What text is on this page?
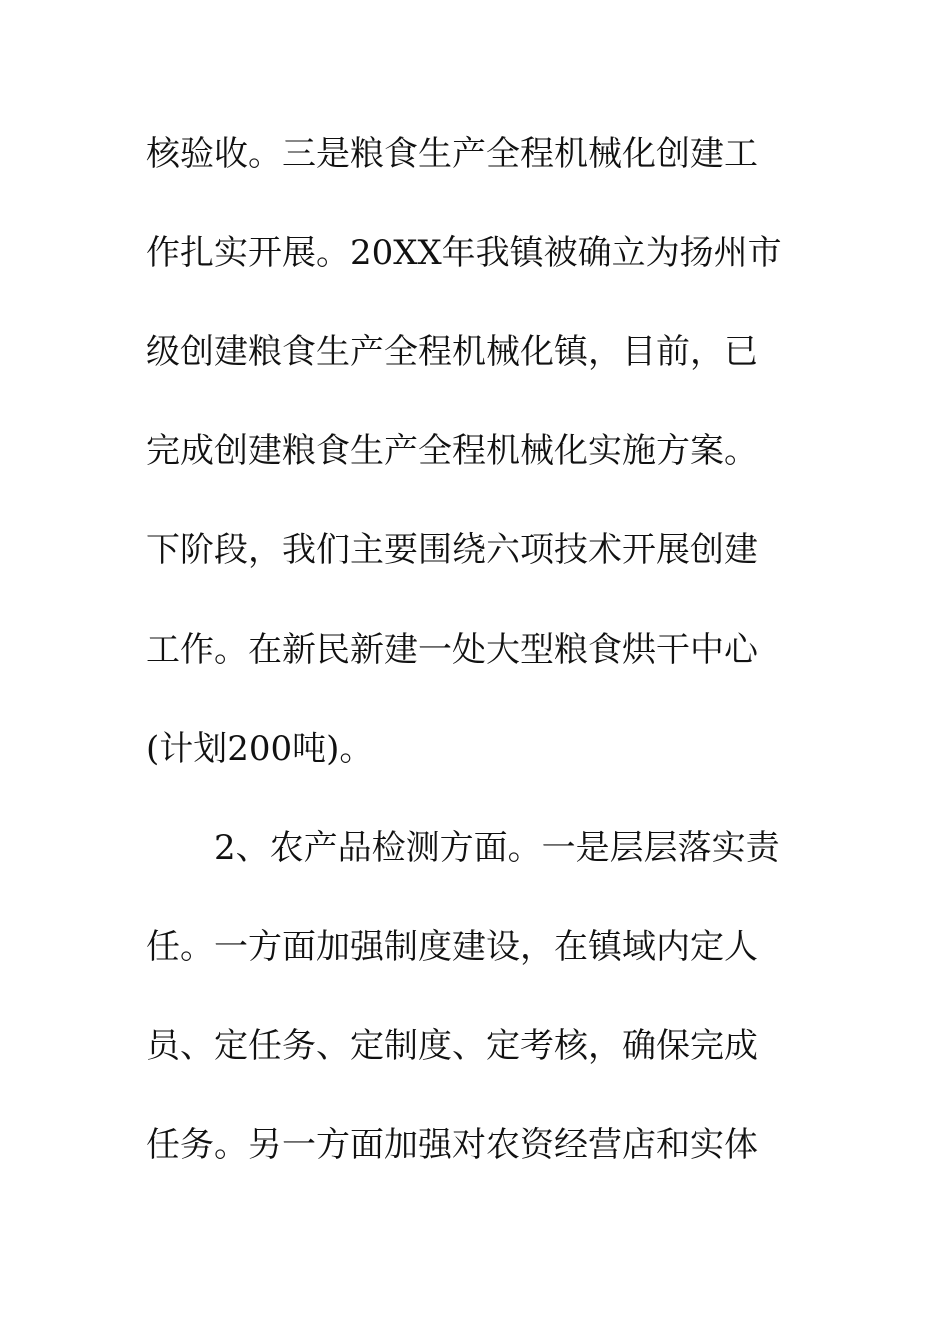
核验收。三是粮食生产全程机械化创建工
作扎实开展。20XX年我镇被确立为扬州市
级创建粮食生产全程机械化镇，目前，已
完成创建粮食生产全程机械化实施方案。
下阶段，我们主要围绕六项技术开展创建
工作。在新民新建一处大型粮食烘干中心
(计划200吨)。
2、农产品检测方面。一是层层落实责
任。一方面加强制度建设，在镇域内定人
员、定任务、定制度、定考核，确保完成
任务。另一方面加强对农资经营店和实体
